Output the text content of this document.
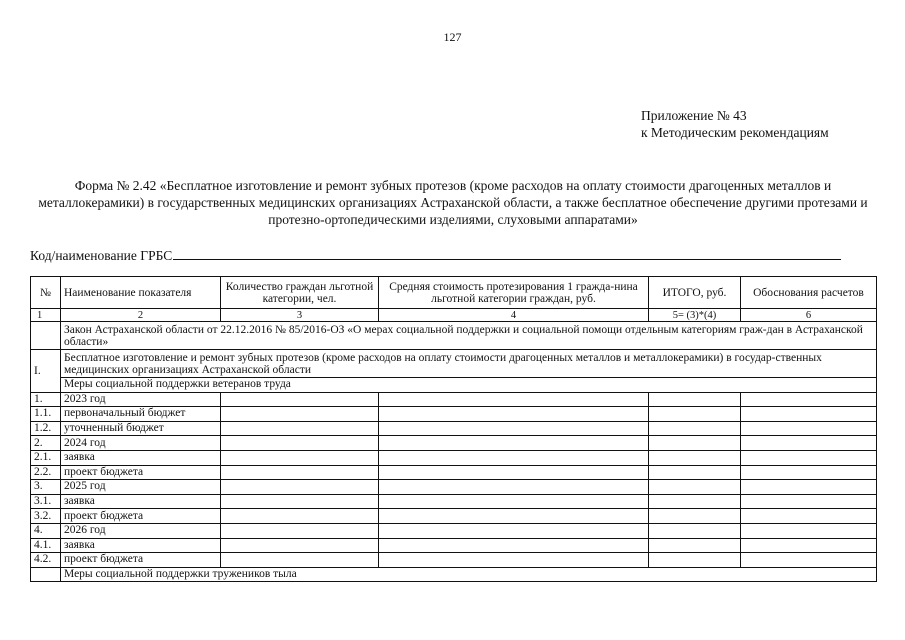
127
Приложение № 43
к Методическим рекомендациям
Форма № 2.42 «Бесплатное изготовление и ремонт зубных протезов (кроме расходов на оплату стоимости драгоценных металлов и металлокерамики) в государственных медицинских организациях Астраханской области, а также бесплатное обеспечение другими протезами и протезно-ортопедическими изделиями, слуховыми аппаратами»
Код/наименование ГРБС
№	Наименование показателя	Количество граждан льготной категории, чел.	Средняя стоимость протезирования 1 гражда-нина льготной категории граждан, руб.	ИТОГО, руб.	Обоснования расчетов
1	2	3	4	5= (3)*(4)	6
	Закон Астраханской области от 22.12.2016 № 85/2016-ОЗ «О мерах социальной поддержки и социальной помощи отдельным категориям граж-дан в Астраханской области»				
I.	Бесплатное изготовление и ремонт зубных протезов (кроме расходов на оплату стоимости драгоценных металлов и металлокерамики) в государ-ственных медицинских организациях Астраханской области				
	Меры социальной поддержки ветеранов труда				
1.	2023 год				
1.1.	первоначальный бюджет				
1.2.	уточненный бюджет				
2.	2024 год				
2.1.	заявка				
2.2.	проект бюджета				
3.	2025 год				
3.1.	заявка				
3.2.	проект бюджета				
4.	2026 год				
4.1.	заявка				
4.2.	проект бюджета				
	Меры социальной поддержки тружеников тыла				
